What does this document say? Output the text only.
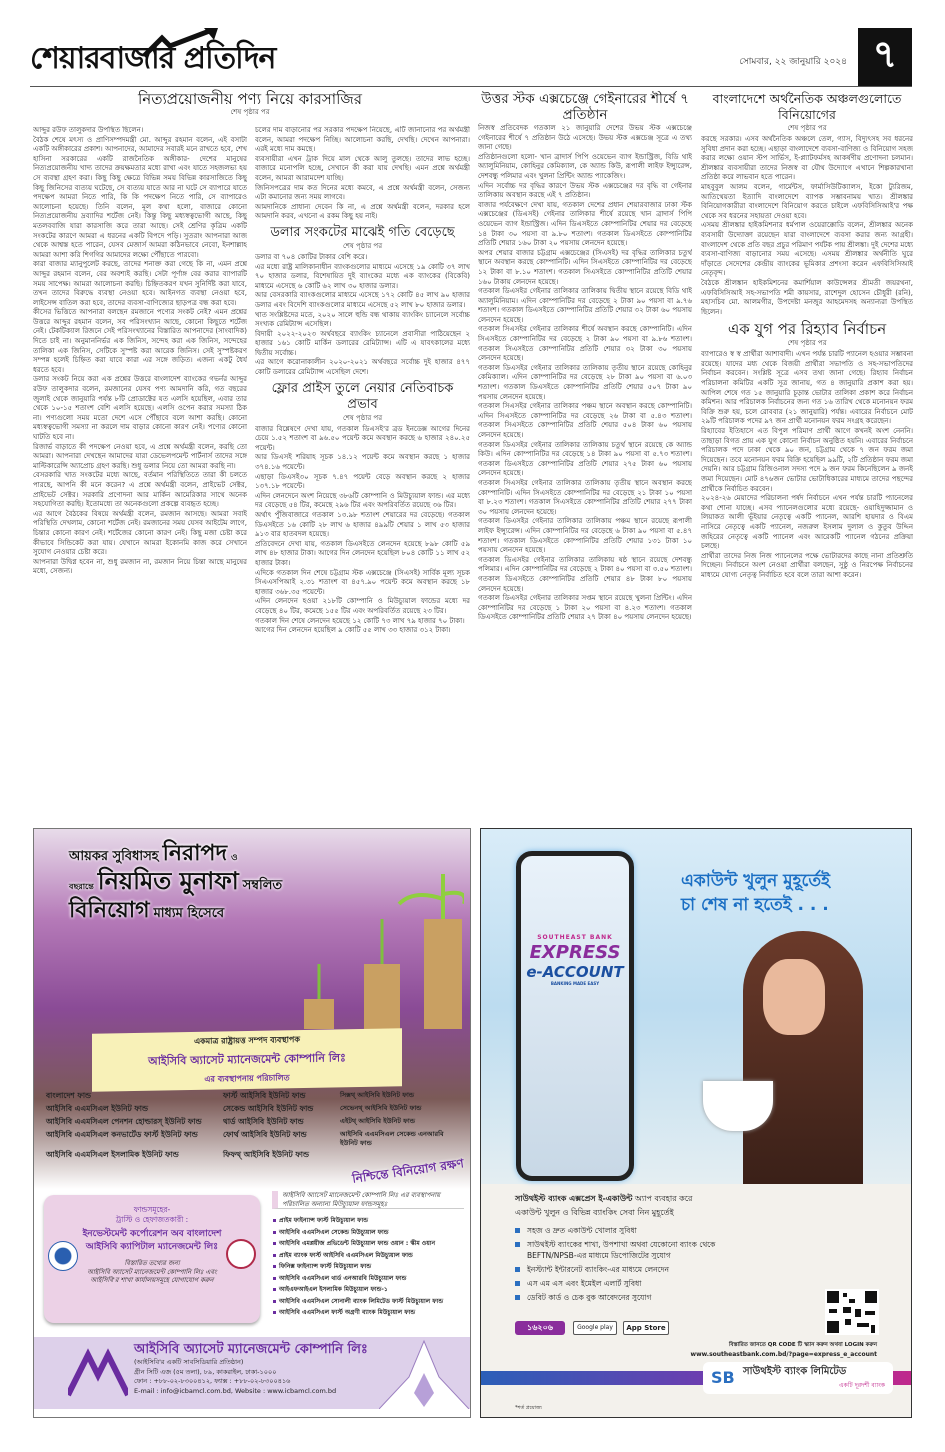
শেয়ারবাজার প্রতিদিন	সোমবার, ২২ জানুয়ারি ২০২৪ ৭
নিত্যপ্রয়োজনীয় পণ্য নিয়ে কারসাজির
শেষ পৃষ্ঠার পর

আব্দুর রউফ তালুকদার উপস্থিত ছিলেন।

বৈঠক শেষে মৎস্য ও প্রাণিসম্পদমন্ত্রী মো. আব্দুর রহমান বলেন, এই বসাটা একটি অঙ্গীকারের প্রকাশ। আপনাদের, আমাদের সবারই মনে রাখতে হবে, শেখ হাসিনা সরকারের একটি রাজনৈতিক অঙ্গীকার- দেশের মানুষের নিত্যপ্রয়োজনীয় খাদ্য তাদের ক্রয়ক্ষমতার মধ্যে রাখা এবং যাতে সহজলভ্য হয় সে ব্যবস্থা গ্রহণ করা। কিছু কিছু ক্ষেত্রে বিভিন্ন সময় বিভিন্ন কারসাজিতে কিছু কিছু জিনিসের ব্যত্যয় ঘটেছে, সে ব্যত্যয় যাতে আর না ঘটে সে ব্যাপারে যাতে পদক্ষেপ আমরা নিতে পারি, কি কি পদক্ষেপ নিতে পারি, সে ব্যাপারেও আলোচনা হয়েছে। তিনি বলেন, মূল কথা হলো, বাজারে কোনো নিত্যপ্রয়োজনীয় দ্রব্যাদির শর্টেজ নেই। কিন্তু কিছু মধ্যস্বত্বভোগী আছে, কিছু মতলববাজি যারা কারসাজি করে তারা আছে। সেই শ্রেণির কৃত্রিম একটি সংকটের কারণে আমরা এ ধরনের একটি বিপদে পড়ি। সুতরাং আপনারা আজ থেকে আশ্বস্ত হতে পারেন, যেসব মেজার্স আমরা কঠিনভাবে নেবো, ইনশাল্লাহ আমরা আশা করি শিগগির আমাদের লক্ষ্যে পৌঁছাতে পারবো।

কারা বাজার ম্যানুপুলেট করছে, তাদের শনাক্ত করা গেছে কি না, এমন প্রশ্নে আব্দুর রহমান বলেন, বের অবশ্যই করছি। সেটা পূর্ণাঙ্গ বের করার ব্যাপারটি সময় সাপেক্ষ। আমরা আলোচনা করছি। চিহ্নিতকরণ যখন সুনির্দিষ্ট করা যাবে, তখন তাদের বিরুদ্ধে ব্যবস্থা নেওয়া হবে। আইনগত ব্যবস্থা নেওয়া হবে, লাইসেন্স বাতিল করা হবে, তাদের ব্যবসা-বাণিজ্যের ছাড়পত্র বন্ধ করা হবে।

কীসের ভিত্তিতে আপনারা বলছেন রমজানে পণ্যের সংকট নেই? এমন প্রশ্নের উত্তরে আব্দুর রহমান বলেন, সব পরিসংখ্যান আছে, কোনো কিছুতে শর্টেজ নেই। টেকটিক্যাল রিজনে সেই পরিসংখ্যানের বিস্তারিত আপনাদের (সাংবাদিক) দিতে চাই না। অনুমাননির্ভর এক জিনিস, সন্দেহ করা এক জিনিস, সন্দেহের তালিকা এক জিনিস, সেটিকে সুস্পষ্ট করা আরেক জিনিস। সেই সুস্পষ্টকরণ সম্পন্ন হলেই চিহ্নিত করা যাবে কারা এর সঙ্গে জড়িত। এজন্য একটু ধৈর্য ধরতে হবে।

ডলার সংকট নিয়ে করা এক প্রশ্নের উত্তরে বাংলাদেশ ব্যাংকের গভর্নর আব্দুর রউফ তালুকদার বলেন, রমজানের যেসব পণ্য আমদানি করি, গত বছরের জুলাই থেকে জানুয়ারি পর্যন্ত ৮টি প্রোডাক্টের যত এলসি হয়েছিল, এবার তার থেকে ১০-১৫ শতাংশ বেশি এলসি হয়েছে। এলসি ওপেন করার সমস্যা ঠিক না। পণ্যগুলো সময় মতো দেশে এসে পৌঁছাবে বলে আশা করছি। কোনো মধ্যস্বত্বভোগী সমস্যা না করলে দাম বাড়ার কোনো কারণ নেই। পণ্যের কোনো ঘাটতি হবে না।

রিজার্ভ বাড়াতে কী পদক্ষেপ নেওয়া হবে, এ প্রশ্নে অর্থমন্ত্রী বলেন, করছি তো আমরা। আপনারা দেখছেন আমাদের যারা ডেভেলপমেন্ট পার্টনার্স তাদের সঙ্গে মাল্টিকারেন্সি অ্যাপ্রোচ গ্রহণ করছি। শুধু ডলার নিয়ে তো আমরা করছি না।

বেসরকারি খাত সংকটের মধ্যে আছে, বর্তমান পরিস্থিতিতে তারা কী চলতে পারছে, আপনি কী মনে করেন? এ প্রশ্নে অর্থমন্ত্রী বলেন, প্রাইভেট সেক্টর, প্রাইভেট সেক্টর। সরকারি প্রণোদনা আর মার্কিন আমেরিকার সাথে অনেক সহযোগিতা করছি। ইতোমধ্যে তা অনেকগুলো প্রকল্পে ব্যবহৃত হচ্ছে।

এর আগে বৈঠকের বিষয়ে অর্থমন্ত্রী বলেন, রমজান আসছে। আমরা সবাই পরিস্থিতি দেখলাম, কোনো শর্টেজ নেই। রমজানের সময় যেসব আইটেম লাগে, চিন্তার কোনো কারণ নেই। শর্টেজের কোনো কারণ নেই। কিছু মজা চেষ্টা করে কীভাবে সিন্ডিকেট করা যায়। যেখানে আমরা ইকোনমি কাজ করে সেখানে সুযোগ নেওয়ার চেষ্টা করে।

আপনারা উদ্বিগ্ন হবেন না, শুধু রমজান না, রমজান নিয়ে চিন্তা আছে মানুষের মধ্যে, সেজন্য।

চলের দাম বাড়ানোর পর সরকার পদক্ষেপ নিয়েছে, এটি জানানোর পর অর্থমন্ত্রী বলেন, আমরা পদক্ষেপ নিচ্ছি। আলোচনা করছি, দেখছি। দেখেন আপনারা। এরই মধ্যে দাম কমছে।

ব্যবসায়ীরা এখন ট্রাক দিয়ে মাল থেকে আলু তুলছে। তাদের লাভ হচ্ছে। বাজারে মনোপলি হচ্ছে, সেখানে কী করা যায় দেখছি। এমন প্রশ্নে অর্থমন্ত্রী বলেন, আমরা আরামদেশ যাচ্ছি।

জিনিসপত্রের দাম কত দিনের মধ্যে কমবে, এ প্রশ্নে অর্থমন্ত্রী বলেন, সেজন্য এটা কমানোর জন্য সময় লাগবে।

আমদানিকে প্রাধান্য দেবেন কি না, এ প্রশ্নে অর্থমন্ত্রী বলেন, দরকার হলে আমদানি করব, এখনো এ রকম কিছু হয় নাই।

ডলার সংকটের মাঝেই গতি বেড়েছে
শেষ পৃষ্ঠার পর

ডলার বা ৭০৪ কোটির টাকার বেশি করে।

এর মধ্যে রাষ্ট্র মালিকানাধীন ব্যাংকগুলোর মাধ্যমে এসেছে ১৯ কোটি ৩৭ লাখ ৭০ হাজার ডলার, বিশেষায়িত দুই ব্যাংকের মধ্যে এক ব্যাংকের (বিকেবি) মাধ্যমে এসেছে ৬ কোটি ৬২ লাখ ৩০ হাজার ডলার।

আর বেসরকারি ব্যাংকগুলোর মাধ্যমে এসেছে ১৭২ কোটি ৪৫ লাখ ৯০ হাজার ডলার এবং বিদেশি ব্যাংকগুলোর মাধ্যমে এসেছে ৫২ লাখ ৮০ হাজার ডলার।

খাত সংশ্লিষ্টদের মতে, ২০২০ সালে হুন্ডি বন্ধ থাকায় ব্যাংকিং চ্যানেলে সর্বোচ্চ সংখ্যক রেমিট্যান্স এসেছিল।

বিদায়ী ২০২২-২০২৩ অর্থবছরে ব্যাংকিং চ্যানেলে প্রবাসীরা পাঠিয়েছেন ২ হাজার ১৬১ কোটি মার্কিন ডলারের রেমিট্যান্স। এটি এ যাবৎকালের মধ্যে দ্বিতীয় সর্বোচ্চ।

এর আগে করোনাকালীন ২০২০-২০২১ অর্থবছরে সর্বোচ্চ দুই হাজার ৪৭৭ কোটি ডলারের রেমিট্যান্স এসেছিল দেশে।

ফ্লোর প্রাইস তুলে নেয়ার নেতিবাচক প্রভাব
শেষ পৃষ্ঠার পর

বাজার বিশ্লেষণে দেখা যায়, গতকাল ডিএসই'র ব্রড ইনডেক্স আগের দিনের চেয়ে ১.৫২ শতাংশ বা ৯৬.৫০ পয়েন্ট কমে অবস্থান করছে ৬ হাজার ২৪০.২৫ পয়েন্ট।

আর ডিএসই শরিয়াহ সূচক ১৪.১২ পয়েন্ট কমে অবস্থান করছে ১ হাজার ৩৭৪.১৬ পয়েন্টে।

এছাড়া ডিএসই৩০ সূচক ৭.৪৭ পয়েন্ট বেড়ে অবস্থান করছে ২ হাজার ১৩৭.১৮ পয়েন্টে।

এদিন লেনদেনে অংশ নিয়েছে ৩৮৬টি কোম্পানি ও মিউচ্যুয়াল ফান্ড। এর মধ্যে দর বেড়েছে ৫৪ টির, কমেছে ২৯৬ টির এবং অপরিবর্তিত রয়েছে ৩৬ টির।

অর্থাৎ পুঁজিবাজারে গতকাল ১৩.৯৮ শতাংশ শেয়ারের দর বেড়েছে। গতকাল ডিএসইতে ১৬ কোটি ২৮ লাখ ৬ হাজার ৪৯৯টি শেয়ার ১ লাখ ৫৩ হাজার ৯১৩ বার হাতবদল হয়েছে।

প্রতিবেদনে দেখা যায়, গতকাল ডিএসইতে লেনদেন হয়েছে ৮৯৮ কোটি ৫৯ লাখ ৪৮ হাজার টাকা। আগের দিন লেনদেন হয়েছিল ৮০৪ কোটি ১১ লাখ ৫২ হাজার টাকা।

এদিকে গতকাল দিন শেষে চট্টগ্রাম স্টক এক্সচেঞ্জে (সিএসই) সার্বিক মূল্য সূচক সিএএসপিআই ২.৩১ শতাংশ বা ৪৫৭.৯০ পয়েন্ট কমে অবস্থান করছে ১৮ হাজার ৩৬৮.৩৫ পয়েন্টে।

এদিন লেনদেন হওয়া ২১৮টি কোম্পানি ও মিউচ্যুয়াল ফান্ডের মধ্যে দর বেড়েছে ৪০ টির, কমেছে ১৫৫ টির এবং অপরিবর্তিত রয়েছে ২৩ টির।

গতকাল দিন শেষে লেনদেন হয়েছে ১২ কোটি ৭৩ লাখ ৭৯ হাজার ৭০ টাকা।

আগের দিন লেনদেন হয়েছিল ৯ কোটি ৫৫ লাখ ৩৩ হাজার ৩১২ টাকা।

উত্তর স্টক এক্সচেঞ্জে গেইনারের শীর্ষে ৭ প্রতিষ্ঠান

নিজস্ব প্রতিবেদক গতকাল ২১ জানুয়ারি দেশের উভয় স্টক এক্সচেঞ্জে গেইনারের শীর্ষে ৭ প্রতিষ্ঠান উঠে এসেছে। উভয় স্টক এক্সচেঞ্জ সূত্রে এ তথ্য জানা গেছে।

প্রতিষ্ঠানগুলো হলো- খান ব্রাদার্স পিপি ওয়েভেন ব্যাগ ইন্ডাস্ট্রিজ, বিডি থাই অ্যালুমিনিয়াম, কোহিনুর কেমিক্যাল, কে অ্যান্ড কিউ, রূপালী লাইফ ইন্স্যুরেন্স, দেশবন্ধু পলিমার এবং খুলনা প্রিন্টিং অ্যান্ড প্যাকেজিং।

এদিন সর্বোচ্চ দর বৃদ্ধির কারণে উভয় স্টক এক্সচেঞ্জের দর বৃদ্ধি বা গেইনার তালিকায় অবস্থান করছে এই ৭ প্রতিষ্ঠান।

বাজার পর্যবেক্ষণে দেখা যায়, গতকাল দেশের প্রধান শেয়ারবাজার ঢাকা স্টক এক্সচেঞ্জের (ডিএসই) গেইনার তালিকার শীর্ষে রয়েছে খান ব্রাদার্স পিপি ওয়েভেন ব্যাগ ইন্ডাস্ট্রিজ। এদিন ডিএসইতে কোম্পানিটির শেয়ার দর বেড়েছে ১৪ টাকা ৩০ পয়সা বা ৯.৮০ শতাংশ। গতকাল ডিএসইতে কোম্পানিটির প্রতিটি শেয়ার ১৬০ টাকা ২০ পয়সায় লেনদেন হয়েছে।

অপর শেয়ার বাজার চট্টগ্রাম এক্সচেঞ্জের (সিএসই) দর বৃদ্ধির তালিকার চতুর্থ স্থানে অবস্থান করছে কোম্পানিটি। এদিন সিএসইতে কোম্পানিটির দর বেড়েছে ১২ টাকা বা ৮.১০ শতাংশ। গতকাল সিএসইতে কোম্পানিটির প্রতিটি শেয়ার ১৬০ টাকায় লেনদেন হয়েছে।

গতকাল ডিএসইর গেইনার তালিকার তালিকায় দ্বিতীয় স্থানে রয়েছে বিডি থাই অ্যালুমিনিয়াম। এদিন কোম্পানিটির দর বেড়েছে ২ টাকা ৯০ পয়সা বা ৯.৭৬ শতাংশ। গতকাল ডিএসইতে কোম্পানিটির প্রতিটি শেয়ার ৩২ টাকা ৬০ পয়সায় লেনদেন হয়েছে।

গতকাল সিএসইর গেইনার তালিকার শীর্ষে অবস্থান করছে কোম্পানিটি। এদিন সিএসইতে কোম্পানিটির দর বেড়েছে ২ টাকা ৯০ পয়সা বা ৯.৮৬ শতাংশ। গতকাল সিএসইতে কোম্পানিটির প্রতিটি শেয়ার ৩২ টাকা ৩০ পয়সায় লেনদেন হয়েছে।

গতকাল ডিএসইর গেইনার তালিকার তালিকায় তৃতীয় স্থানে রয়েছে কোহিনুর কেমিক্যাল। এদিন কোম্পানিটির দর বেড়েছে ২৮ টাকা ৯০ পয়সা বা ৬.০৩ শতাংশ। গতকাল ডিএসইতে কোম্পানিটির প্রতিটি শেয়ার ৫০৭ টাকা ৯০ পয়সায় লেনদেন হয়েছে।

গতকাল সিএসইর গেইনার তালিকার পঞ্চম স্থানে অবস্থান করছে কোম্পানিটি। এদিন সিএসইতে কোম্পানিটির দর বেড়েছে ২৬ টাকা বা ৫.৪৩ শতাংশ। গতকাল সিএসইতে কোম্পানিটির প্রতিটি শেয়ার ৫০৪ টাকা ৬০ পয়সায় লেনদেন হয়েছে।

গতকাল ডিএসইর গেইনার তালিকার তালিকায় চতুর্থ স্থানে রয়েছে কে অ্যান্ড কিউ। এদিন কোম্পানিটির দর বেড়েছে ১৪ টাকা ৯০ পয়সা বা ৫.৭৩ শতাংশ। গতকাল ডিএসইতে কোম্পানিটির প্রতিটি শেয়ার ২৭৫ টাকা ৬০ পয়সায় লেনদেন হয়েছে।

গতকাল সিএসইর গেইনার তালিকার তালিকায় তৃতীয় স্থানে অবস্থান করছে কোম্পানিটি। এদিন সিএসইতে কোম্পানিটির দর বেড়েছে ২১ টাকা ১০ পয়সা বা ৮.২৩ শতাংশ। গতকাল সিএসইতে কোম্পানিটির প্রতিটি শেয়ার ২৭৭ টাকা ৩০ পয়সায় লেনদেন হয়েছে।

গতকাল ডিএসইর গেইনার তালিকার তালিকায় পঞ্চম স্থানে রয়েছে রূপালী লাইফ ইন্স্যুরেন্স। এদিন কোম্পানিটির দর বেড়েছে ৬ টাকা ৯০ পয়সা বা ৫.৪৭ শতাংশ। গতকাল ডিএসইতে কোম্পানিটির প্রতিটি শেয়ার ১৩১ টাকা ১০ পয়সায় লেনদেন হয়েছে।

গতকাল ডিএসইর গেইনার তালিকার তালিকায় ষষ্ঠ স্থানে রয়েছে দেশবন্ধু পলিমার। এদিন কোম্পানিটির দর বেড়েছে ২ টাকা ৪০ পয়সা বা ৩.৫০ শতাংশ। গতকাল ডিএসইতে কোম্পানিটির প্রতিটি শেয়ার ৪৮ টাকা ৮০ পয়সায় লেনদেন হয়েছে।

গতকাল ডিএসইর গেইনার তালিকার সপ্তম স্থানে রয়েছে খুলনা প্রিন্টিং। এদিন কোম্পানিটির দর বেড়েছে ১ টাকা ২০ পয়সা বা ৪.২৩ শতাংশ। গতকাল ডিএসইতে কোম্পানিটির প্রতিটি শেয়ার ২৭ টাকা ৪০ পয়সায় লেনদেন হয়েছে।

বাংলাদেশে অর্থনৈতিক অঞ্চলগুলোতে বিনিয়োগের
শেষ পৃষ্ঠার পর

করছে সরকার। এসব অর্থনৈতিক অঞ্চলে তেল, গ্যাস, বিদ্যুৎসহ সব ধরনের সুবিধা প্রদান করা হচ্ছে। এছাড়া বাংলাদেশে ব্যবসা-বাণিজ্য ও বিনিয়োগ সহজ করার লক্ষ্যে ওয়ান স্টপ সার্ভিস, ই-প্ল্যাটফর্মসহ আকর্ষণীয় প্রণোদনা চলমান। শ্রীলঙ্কার ব্যবসায়ীরা তাদের নিজস্ব বা যৌথ উদ্যোগে এখানে শিল্পকারখানা প্রতিষ্ঠা করে লাভবান হতে পারেন।

মাহবুবুল আলম বলেন, গার্মেন্টস, ফার্মাসিউটিক্যালস, ইকো ট্যুরিজম, আতিথেয়তা ইত্যাদি বাংলাদেশে ব্যাপক সম্ভাবনাময় খাত। শ্রীলঙ্কার বিনিয়োগকারীরা বাংলাদেশে বিনিয়োগ করতে চাইলে এফবিসিসিআই'র পক্ষ থেকে সব ধরনের সহায়তা দেওয়া হবে।

এসময় শ্রীলঙ্কার হাইকমিশনার ধর্মপাল ওয়েরাক্কোডি বলেন, শ্রীলঙ্কার অনেক ব্যবসায়ী উদ্যোক্তা রয়েছেন যারা বাংলাদেশে ব্যবসা করার জন্য আগ্রহী। বাংলাদেশ থেকে প্রতি বছর প্রচুর পরিমাণ পর্যটক পায় শ্রীলঙ্কা। দুই দেশের মধ্যে ব্যবসা-বাণিজ্য বাড়ানোর সময় এসেছে। এসময় শ্রীলঙ্কার অর্থনীতি ঘুরে দাঁড়াতে সেদেশের কেন্দ্রীয় ব্যাংকের ভূমিকার প্রশংসা করেন এফবিসিসিআই নেতৃবৃন্দ।

বৈঠকে শ্রীলঙ্কান হাইকমিশনের কমার্শিয়াল কাউন্সেলর শ্রীমতী জয়রথনা, এফবিসিসিআই সহ-সভাপতি শমী কায়সার, রাশেদুল হোসেন চৌধুরী (রনি), মহাসচিব মো. আলমগীর, উপদেষ্টা মনজুর আহমেদসহ অন্যান্যরা উপস্থিত ছিলেন।

এক যুগ পর রিহ্যাব নির্বাচন
শেষ পৃষ্ঠার পর

ব্যাপারেও স্ব স্ব প্রার্থীরা আশাবাদী। এখন পর্যন্ত চারটি প্যানেল হওয়ার সম্ভাবনা রয়েছে। যাদের মধ্য থেকে বিজয়ী প্রার্থীরা সভাপতি ও সহ-সভাপতিদের নির্বাচন করবেন। সংশ্লিষ্ট সূত্রে এসব তথ্য জানা গেছে। রিহ্যাব নির্বাচন পরিচালনা কমিটির একটি সূত্র জানায়, গত ৪ জানুয়ারি প্রকাশ করা হয়। আপিল শেষে গত ১৫ জানুয়ারি চূড়ান্ত ভোটার তালিকা প্রকাশ করে নির্বাচন কমিশন। আর পরিচালক নির্বাচনের জন্য গত ১৬ তারিখ থেকে মনোনয়ন ফরম বিক্রি শুরু হয়, চলে রোববার (২১ জানুয়ারি) পর্যন্ত। এবারের নির্বাচনে মোট ২৯টি পরিচালক পদের ৯৭ জন প্রার্থী মনোনয়ন ফরম সংগ্রহ করেছেন।

রিহ্যাবের ইতিহাসে এত বিপুল পরিমাণ প্রার্থী আগে কখনই অংশ নেননি। তাছাড়া বিগত প্রায় এক যুগ কোনো নির্বাচন অনুষ্ঠিত হয়নি। এবারের নির্বাচনে পরিচালক পদে ঢাকা থেকে ৯০ জন, চট্টগ্রাম থেকে ৭ জন ফরম জমা দিয়েছেন। তবে মনোনয়ন ফরম বিক্রি হয়েছিল ৯৯টি, ২টি প্রতিষ্ঠান ফরম জমা দেয়নি। আর চট্টগ্রাম রিজিওনাল সদস্য পদে ৯ জন ফরম কিনেছিলেন ৯ জনই জমা দিয়েছেন। মোট ৪৭৬জন ভোটার ভোটাধিকারের মাধ্যমে তাদের পছন্দের প্রার্থীকে নির্বাচিত করবেন।

২০২৪-২৬ মেয়াদের পরিচালনা পর্ষদ নির্বাচনে এখন পর্যন্ত চারটি প্যানেলের কথা শোনা যাচ্ছে। এসব প্যানেলগুলোর মধ্যে রয়েছে- ওয়াহিদুজ্জামান ও লিয়াকত আলী ভূঁইয়ার নেতৃত্বে একটি প্যানেল, আরশি হায়দার ও বিএম নাসিরে নেতৃত্বে একটি প্যানেল, নজরুল ইসলাম দুলাল ও কুতুব উদ্দিন জহিরের নেতৃত্বে একটি প্যানেল এবং আরেকটি প্যানেল গঠনের প্রক্রিয়া চলছে।

প্রার্থীরা তাদের নিজ নিজ প্যানেলের পক্ষে ভোটারদের কাছে নানা প্রতিশ্রুতি দিচ্ছেন। নির্বাচনে অংশ নেওয়া প্রার্থীরা বলছেন, সুষ্ঠু ও নিরপেক্ষ নির্বাচনের মাধ্যমে যোগ্য নেতৃত্ব নির্বাচিত হবে বলে তারা আশা করেন।

আয়কর সুবিধাসহ নিরাপদ ও
বছরান্তে নিয়মিত মুনাফা সম্বলিত
বিনিয়োগ মাধ্যম হিসেবে
একমাত্র রাষ্ট্রায়ত্ত সম্পদ ব্যবস্থাপক
আইসিবি অ্যাসেট ম্যানেজমেন্ট কোম্পানি লিঃ
এর ব্যবস্থাপনায় পরিচালিত
বাংলাদেশ ফান্ড
আইসিবি এএমসিএল ইউনিট ফান্ড
আইসিবি এএমসিএল পেনশন হোল্ডারস্ ইউনিট ফান্ড
আইসিবি এএমসিএল কনভার্টেড ফার্স্ট ইউনিট ফান্ড
আইসিবি এএমসিএল ইসলামিক ইউনিট ফান্ড
ফার্স্ট আইসিবি ইউনিট ফান্ড
সেকেন্ড আইসিবি ইউনিট ফান্ড
থার্ড আইসিবি ইউনিট ফান্ড
ফোর্থ আইসিবি ইউনিট ফান্ড
ফিফথ্ আইসিবি ইউনিট ফান্ড
সিক্সথ্ আইসিবি ইউনিট ফান্ড
সেভেনথ্ আইসিবি ইউনিট ফান্ড
এইটথ্ আইসিবি ইউনিট ফান্ড
আইসিবি এএমসিএল সেকেন্ড এনআরবি ইউনিট ফান্ড
নিশ্চিন্তে বিনিয়োগ রক্ষণ
ফান্ডসমূহের-
ট্রাস্টি ও হেফাজতকারী :
ইনভেস্টমেন্ট কর্পোরেশন অব বাংলাদেশ
আইসিবি ক্যাপিটাল ম্যানেজমেন্ট লিঃ
বিস্তারিত তথ্যের জন্য
আইসিবি অ্যাসেট ম্যানেজমেন্ট কোম্পানি লিঃ এবং
আইসিবি'র শাখা কার্যালয়সমূহে যোগাযোগ করুন
আইসিবি অ্যাসেট ম্যানেজমেন্ট কোম্পানি লিঃ এর ব্যবস্থাপনায় পরিচালিত অন্যান্য মিউচ্যুয়াল ফান্ডসমূহঃ
প্রাইম ফাইন্যান্স ফার্স্ট মিউচ্যুয়াল ফান্ড
আইসিবি এএমসিএল সেকেন্ড মিউচ্যুয়াল ফান্ড
আইসিবি এমপ্লয়ীজ প্রভিডেন্ট মিউচ্যুয়াল ফান্ড ওয়ান : স্কীম ওয়ান
প্রাইম ব্যাংক ফার্স্ট আইসিবি এএমসিএল মিউচ্যুয়াল ফান্ড
ফিনিক্স ফাইন্যান্স ফার্স্ট মিউচ্যুয়াল ফান্ড
আইসিবি এএমসিএল থার্ড এনআরবি মিউচ্যুয়াল ফান্ড
আইএফআইএল ইসলামিক মিউচ্যুয়াল ফান্ড-১
আইসিবি এএমসিএল সোনালী ব্যাংক লিমিটেড ফার্স্ট মিউচ্যুয়াল ফান্ড
আইসিবি এএমসিএল ফার্স্ট অগ্রণী ব্যাংক মিউচ্যুয়াল ফান্ড
আইসিবি অ্যাসেট ম্যানেজমেন্ট কোম্পানি লিঃ
(আইসিবি'র একটি সাবসিডিয়ারি প্রতিষ্ঠান)
গ্রীন সিটি এজ (৫ম তলা), ৮৯, কাকরাইল, ঢাকা-১০০০
ফোন : +৮৮-০২-৮৩০০৪১২, ফ্যাক্স : +৮৮-০২-৮৩০০৪১৬
E-mail : info@icbamcl.com.bd, Website : www.icbamcl.com.bd
SOUTHEAST BANK
EXPRESS
e-ACCOUNT
BANKING MADE EASY
একাউন্ট খুলুন মুহূর্তেই
চা শেষ না হতেই . . .
সাউথইস্ট ব্যাংক এক্সপ্রেস ই-একাউন্ট অ্যাপ ব্যবহার করে
একাউন্ট খুলুন ও বিভিন্ন ব্যাংকিং সেবা নিন মুহূর্তেই
সহজ ও দ্রুত একাউন্ট খোলার সুবিধা
সাউথইস্ট ব্যাংকের শাখা, উপশাখা অথবা যেকোনো ব্যাংক থেকে
BEFTN/NPSB-এর মাধ্যমে ডিপোজিটের সুযোগ
ইনস্ট্যান্ট ইন্টারনেট ব্যাংকিং-এর মাধ্যমে লেনদেন
এস এম এস এবং ইমেইল এলার্ট সুবিধা
ডেবিট কার্ড ও চেক বুক আবেদনের সুযোগ
১৬২০৬	Google play	App Store
বিস্তারিত জানতে QR CODE টি স্ক্যান করুন অথবা LOGIN করুন
www.southeastbank.com.bd/?page=express_e_account
SB সাউথইস্ট ব্যাংক লিমিটেড
একটি দূরদর্শী ব্যাংক
*শর্ত প্রযোজ্য
